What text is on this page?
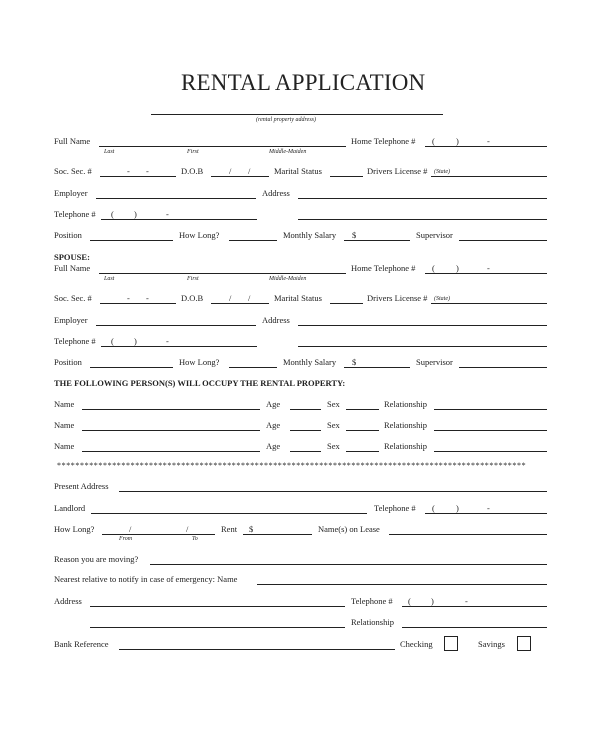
RENTAL APPLICATION
(rental property address)
Full Name
Last	First	Middle-Maiden
Home Telephone # ( )	-
Soc. Sec. #	- -	D.O.B	/ /	Marital Status	Drivers License # (State)
Employer	Address
Telephone # ( )	-
Position	How Long?	Monthly Salary $	Supervisor
SPOUSE:
Full Name
Last	First	Middle-Maiden
Home Telephone # ( )	-
Soc. Sec. #	- -	D.O.B	/ /	Marital Status	Drivers License # (State)
Employer	Address
Telephone # ( )	-
Position	How Long?	Monthly Salary $	Supervisor
THE FOLLOWING PERSON(S) WILL OCCUPY THE RENTAL PROPERTY:
Name	Age	Sex	Relationship
Name	Age	Sex	Relationship
Name	Age	Sex	Relationship
******************************************************************************************************
Present Address
Landlord	Telephone # ( )	-
How Long?	/	/
From	To
Rent $	Name(s) on Lease
Reason you are moving?
Nearest relative to notify in case of emergency: Name
Address	Telephone # ( )	-
Relationship
Bank Reference	Checking	Savings
